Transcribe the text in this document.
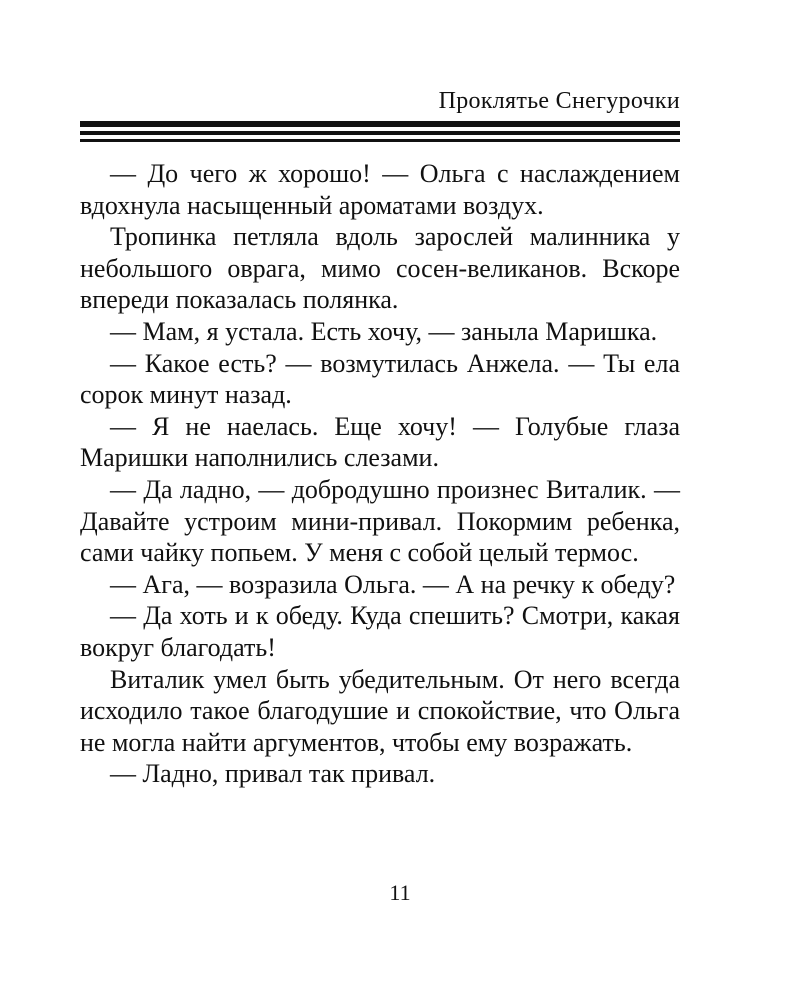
Проклятье Снегурочки

— До чего ж хорошо! — Ольга с наслаждением вдохнула насыщенный ароматами воздух.

Тропинка петляла вдоль зарослей малинника у небольшого оврага, мимо сосен-великанов. Вскоре впереди показалась полянка.

— Мам, я устала. Есть хочу, — заныла Маришка.

— Какое есть? — возмутилась Анжела. — Ты ела сорок минут назад.

— Я не наелась. Еще хочу! — Голубые глаза Маришки наполнились слезами.

— Да ладно, — добродушно произнес Виталик. — Давайте устроим мини-привал. Покормим ребенка, сами чайку попьем. У меня с собой целый термос.

— Ага, — возразила Ольга. — А на речку к обеду?

— Да хоть и к обеду. Куда спешить? Смотри, какая вокруг благодать!

Виталик умел быть убедительным. От него всегда исходило такое благодушие и спокойствие, что Ольга не могла найти аргументов, чтобы ему возражать.

— Ладно, привал так привал.

11
